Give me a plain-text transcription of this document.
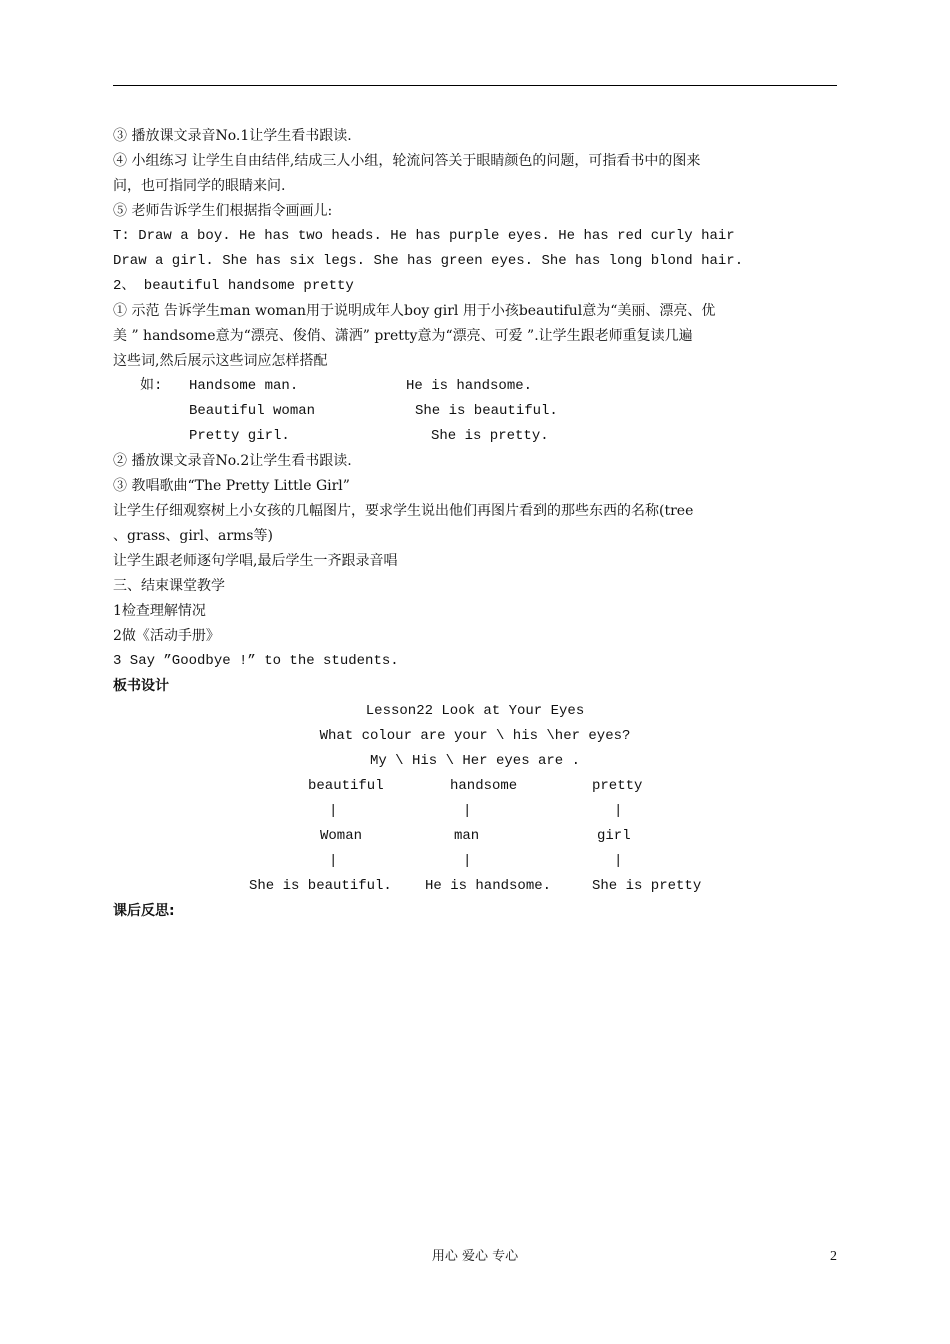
③ 播放课文录音No.1让学生看书跟读.
④ 小组练习 让学生自由结伴,结成三人小组，轮流问答关于眼睛颜色的问题，可指看书中的图来
问，也可指同学的眼睛来问.
⑤ 老师告诉学生们根据指令画画儿:
T: Draw a boy. He has two heads. He has purple eyes. He has red curly hair
Draw a girl. She has six legs. She has green eyes. She has long blond hair.
2、 beautiful handsome pretty
① 示范 告诉学生man woman用于说明成年人boy girl 用于小孩beautiful意为“美丽、漂亮、优
美 ” handsome意为“漂亮、俊俏、潇洒” pretty意为“漂亮、可爱 ”.让学生跟老师重复读几遍
这些词,然后展示这些词应怎样搭配
如: Handsome man.	He is handsome.
Beautiful woman	She is beautiful.
Pretty girl.	She is pretty.
② 播放课文录音No.2让学生看书跟读.
③ 教唱歌曲“The Pretty Little Girl”
让学生仔细观察树上小女孩的几幅图片，要求学生说出他们再图片看到的那些东西的名称(tree
、grass、girl、arms等)
让学生跟老师逐句学唱,最后学生一齐跟录音唱
三、结束课堂教学
1检查理解情况
2做《活动手册》
3 Say ”Goodbye !” to the students.
板书设计
Lesson22 Look at Your Eyes
What colour are your \ his \her eyes?
My \ His \ Her eyes are .
beautiful	handsome	pretty
|	|	|
Woman	man	girl
|	|	|
She is beautiful. He is handsome.	She is pretty
课后反思:
用心 爱心 专心	2
